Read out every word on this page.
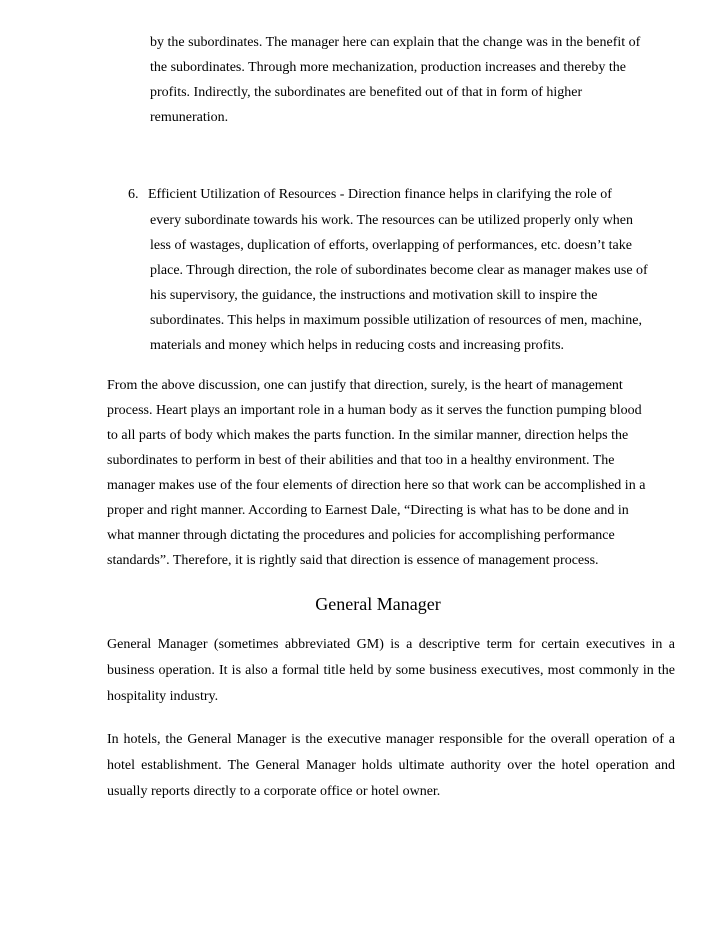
by the subordinates. The manager here can explain that the change was in the benefit of

the subordinates. Through more mechanization, production increases and thereby the

profits. Indirectly, the subordinates are benefited out of that in form of higher

remuneration.

6. Efficient Utilization of Resources - Direction finance helps in clarifying the role of

every subordinate towards his work. The resources can be utilized properly only when

less of wastages, duplication of efforts, overlapping of performances, etc. doesn’t take

place. Through direction, the role of subordinates become clear as manager makes use of

his supervisory, the guidance, the instructions and motivation skill to inspire the

subordinates. This helps in maximum possible utilization of resources of men, machine,

materials and money which helps in reducing costs and increasing profits.

From the above discussion, one can justify that direction, surely, is the heart of management

process. Heart plays an important role in a human body as it serves the function pumping blood

to all parts of body which makes the parts function. In the similar manner, direction helps the

subordinates to perform in best of their abilities and that too in a healthy environment. The

manager makes use of the four elements of direction here so that work can be accomplished in a

proper and right manner. According to Earnest Dale, “Directing is what has to be done and in

what manner through dictating the procedures and policies for accomplishing performance

standards”. Therefore, it is rightly said that direction is essence of management process.

General Manager

General Manager (sometimes abbreviated GM) is a descriptive term for certain executives in a business operation. It is also a formal title held by some business executives, most commonly in the hospitality industry.

In hotels, the General Manager is the executive manager responsible for the overall operation of a hotel establishment. The General Manager holds ultimate authority over the hotel operation and usually reports directly to a corporate office or hotel owner.
